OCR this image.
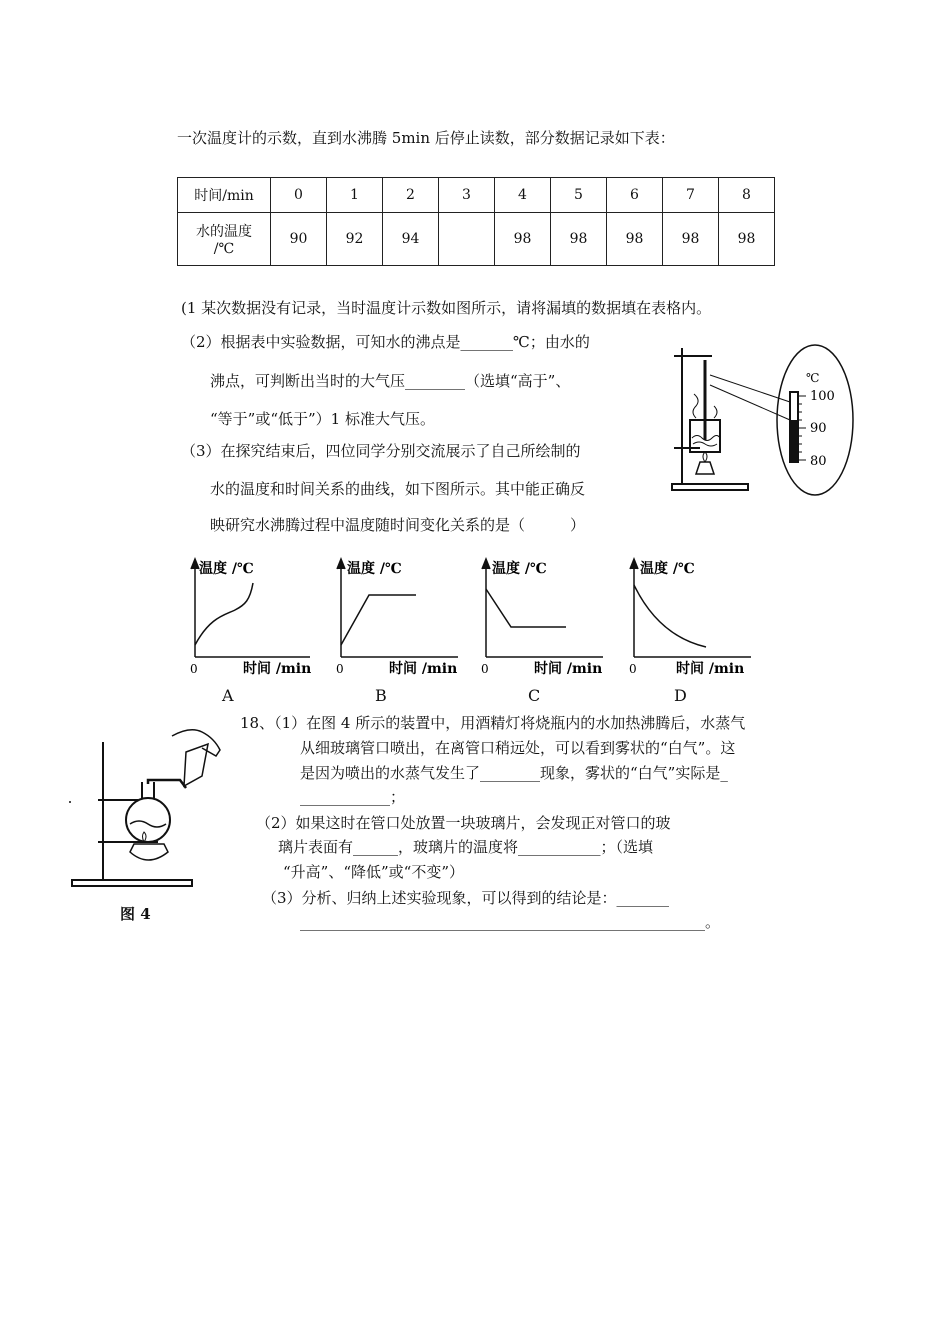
一次温度计的示数，直到水沸腾 5min 后停止读数，部分数据记录如下表：
时间/min	0	1	2	3	4	5	6	7	8

水的温度
/℃	90	92	94		98	98	98	98	98
(1 某次数据没有记录，当时温度计示数如图所示，请将漏填的数据填在表格内。
（2）根据表中实验数据，可知水的沸点是_______℃；由水的
沸点，可判断出当时的大气压________（选填“高于”、
“等于”或“低于”）1 标准大气压。
（3）在探究结束后，四位同学分别交流展示了自己所绘制的
水的温度和时间关系的曲线，如下图所示。其中能正确反
映研究水沸腾过程中温度随时间变化关系的是（　　　）
℃
100
90
80
温度 /℃
0	时间 /min
温度 /℃
0	时间 /min
温度 /℃
0	时间 /min
温度 /℃
0	时间 /min
A	B	C	D
图 4
18、（1）在图 4 所示的装置中，用酒精灯将烧瓶内的水加热沸腾后，水蒸气
从细玻璃管口喷出，在离管口稍远处，可以看到雾状的“白气”。这
是因为喷出的水蒸气发生了________现象，雾状的“白气”实际是_
____________；
（2）如果这时在管口处放置一块玻璃片，会发现正对管口的玻
璃片表面有______，玻璃片的温度将___________；（选填
“升高”、“降低”或“不变”）
（3）分析、归纳上述实验现象，可以得到的结论是：_______
______________________________________________________。
